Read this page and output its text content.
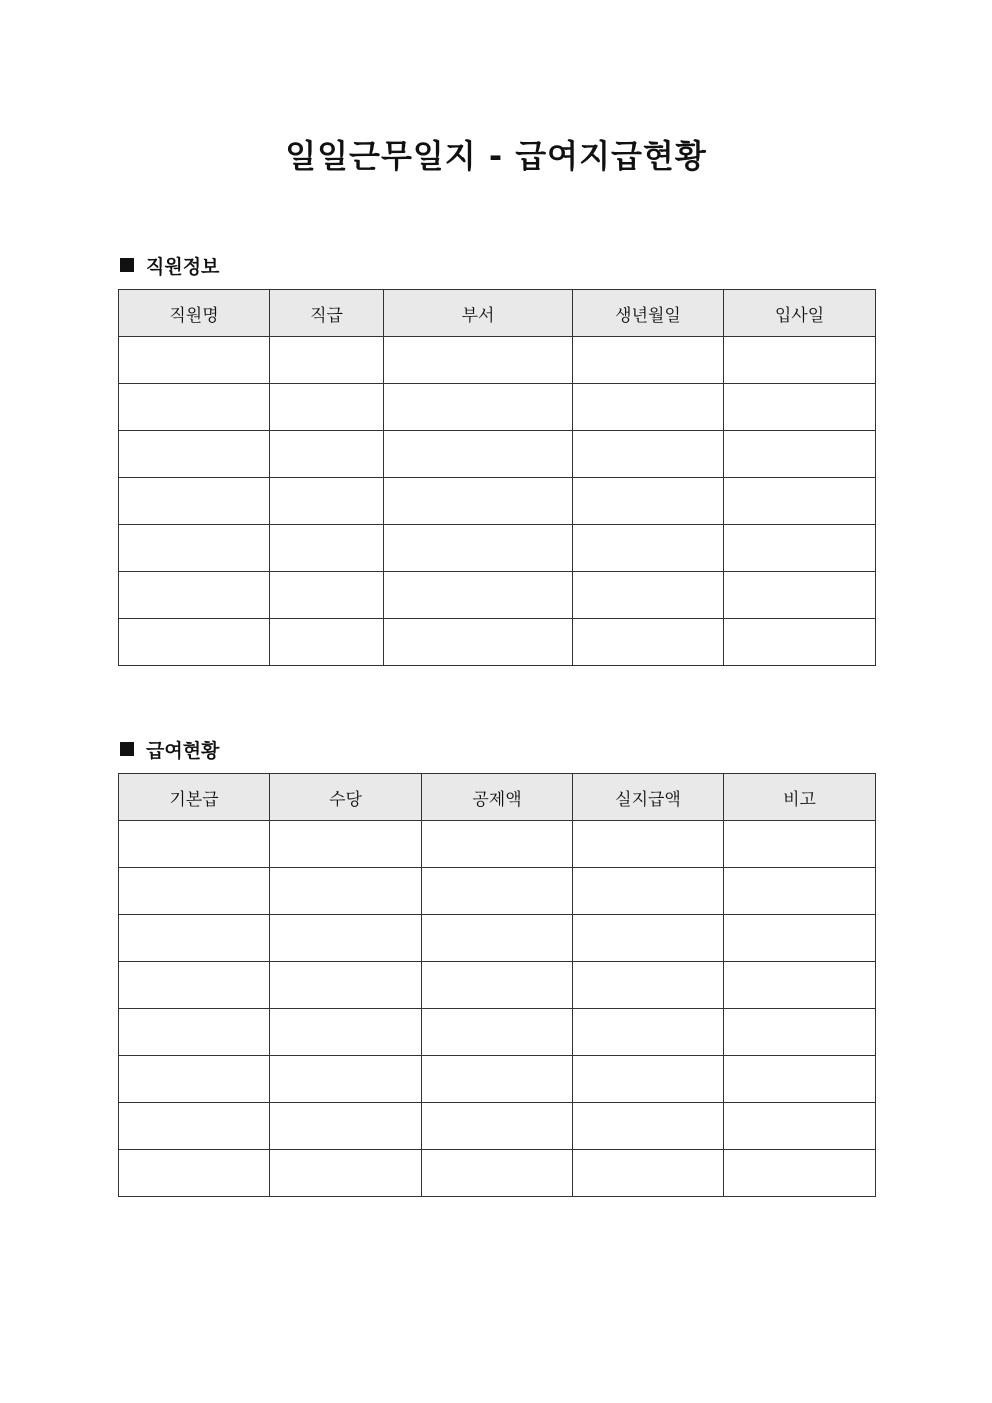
일일근무일지 - 급여지급현황
직원정보
직원명	직급	부서	생년월일	입사일

급여현황
기본급	수당	공제액	실지급액	비고
